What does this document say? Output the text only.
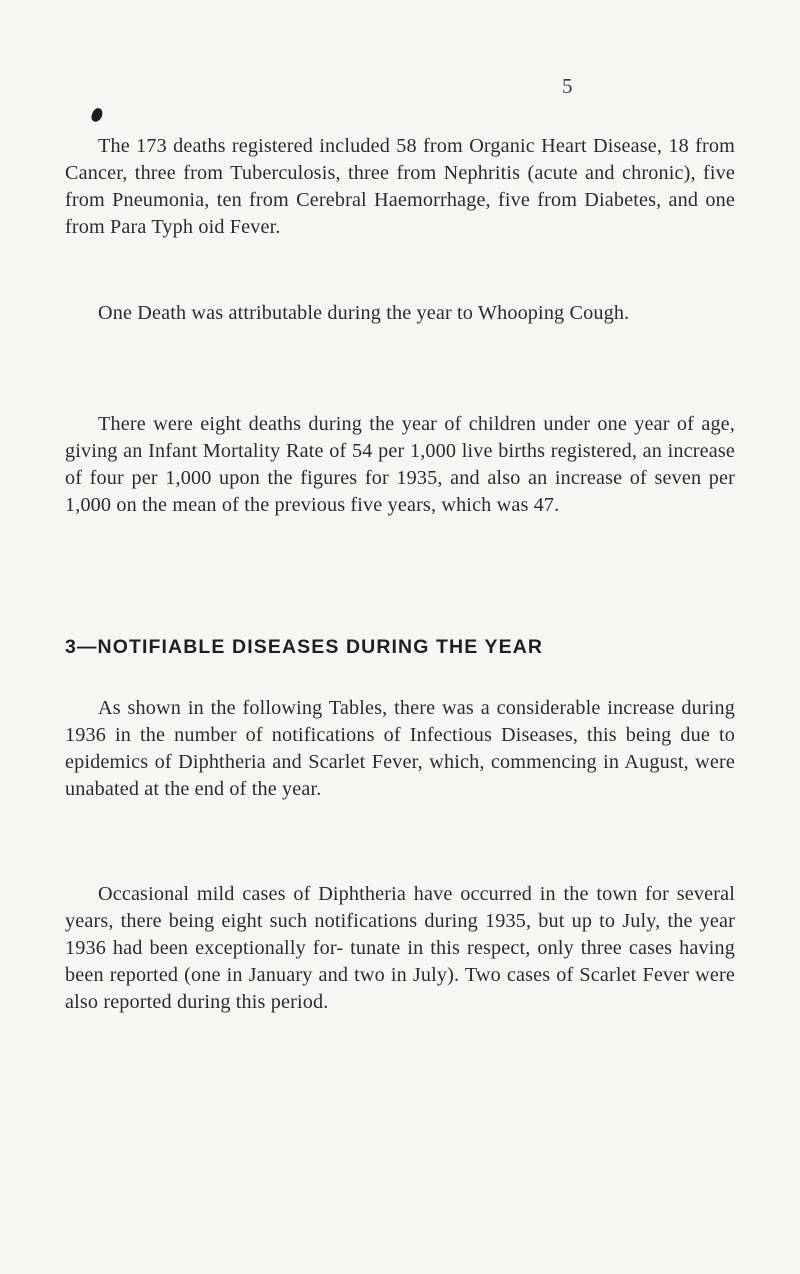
5

The 173 deaths registered included 58 from Organic Heart Disease, 18 from Cancer, three from Tuberculosis, three from Nephritis (acute and chronic), five from Pneumonia, ten from Cerebral Haemorrhage, five from Diabetes, and one from Para Typh oid Fever.

One Death was attributable during the year to Whooping Cough.

There were eight deaths during the year of children under one year of age, giving an Infant Mortality Rate of 54 per 1,000 live births registered, an increase of four per 1,000 upon the figures for 1935, and also an increase of seven per 1,000 on the mean of the previous five years, which was 47.

3—NOTIFIABLE DISEASES DURING THE YEAR

As shown in the following Tables, there was a considerable increase during 1936 in the number of notifications of Infectious Diseases, this being due to epidemics of Diphtheria and Scarlet Fever, which, commencing in August, were unabated at the end of the year.

Occasional mild cases of Diphtheria have occurred in the town for several years, there being eight such notifications during 1935, but up to July, the year 1936 had been exceptionally for- tunate in this respect, only three cases having been reported (one in January and two in July). Two cases of Scarlet Fever were also reported during this period.
